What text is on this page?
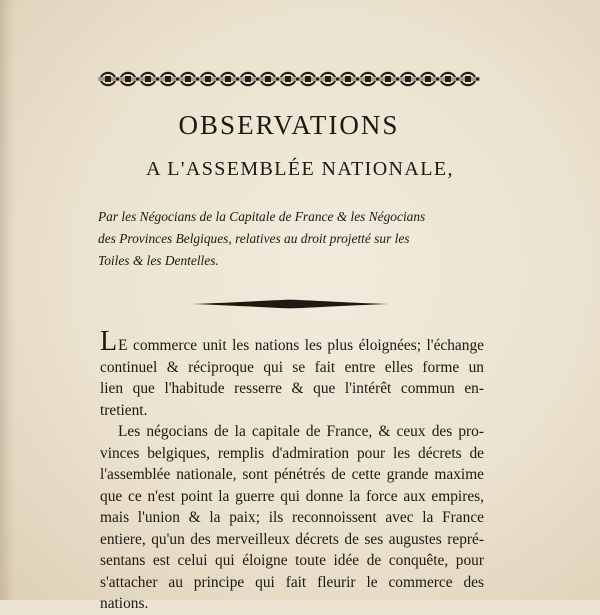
OBSERVATIONS
A L'ASSEMBLÉE NATIONALE,
Par les Négocians de la Capitale de France & les Négocians
des Provinces Belgiques, relatives au droit projetté sur les
Toiles & les Dentelles.

LE commerce unit les nations les plus éloignées; l'échange
continuel & réciproque qui se fait entre elles forme un
lien que l'habitude resserre & que l'intérêt commun en-
tretient.

Les négocians de la capitale de France, & ceux des pro-
vinces belgiques, remplis d'admiration pour les décrets de
l'assemblée nationale, sont pénétrés de cette grande maxime
que ce n'est point la guerre qui donne la force aux empires,
mais l'union & la paix; ils reconnoissent avec la France
entiere, qu'un des merveilleux décrets de ses augustes repré-
sentans est celui qui éloigne toute idée de conquête, pour
s'attacher au principe qui fait fleurir le commerce des
nations.
